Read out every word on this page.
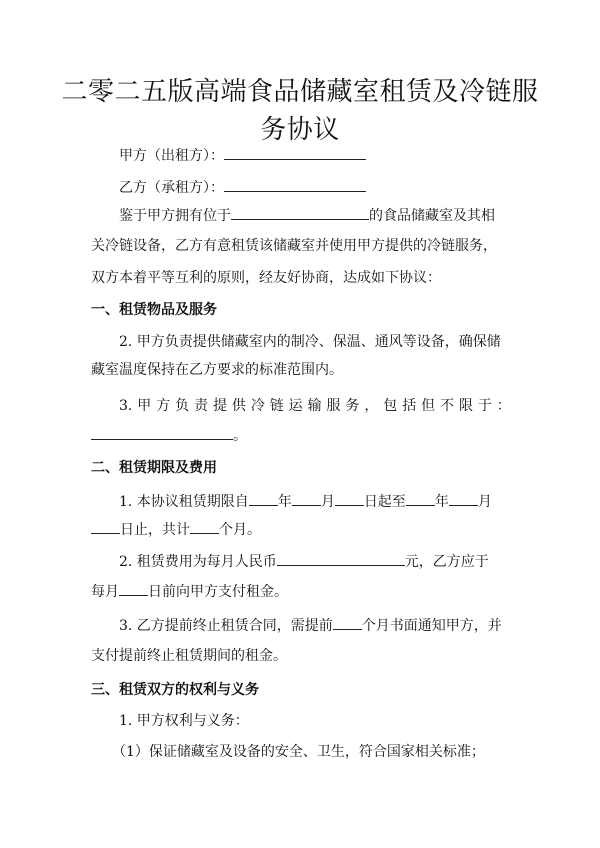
二零二五版高端食品储藏室租赁及冷链服
务协议
甲方（出租方）：
乙方（承租方）：
鉴于甲方拥有位于	的食品储藏室及其相
关冷链设备，乙方有意租赁该储藏室并使用甲方提供的冷链服务，
双方本着平等互利的原则，经友好协商，达成如下协议：
一、租赁物品及服务
2. 甲方负责提供储藏室内的制冷、保温、通风等设备，确保储
藏室温度保持在乙方要求的标准范围内。
3. 甲 方 负 责 提 供 冷 链 运 输 服 务 ， 包 括 但 不 限 于 ：
。
二、租赁期限及费用
1. 本协议租赁期限自 年 月 日起至 年 月
日止，共计 个月。
2. 租赁费用为每月人民币	元，乙方应于
每月 日前向甲方支付租金。
3. 乙方提前终止租赁合同，需提前 个月书面通知甲方，并
支付提前终止租赁期间的租金。
三、租赁双方的权利与义务
1. 甲方权利与义务：
（1）保证储藏室及设备的安全、卫生，符合国家相关标准；
